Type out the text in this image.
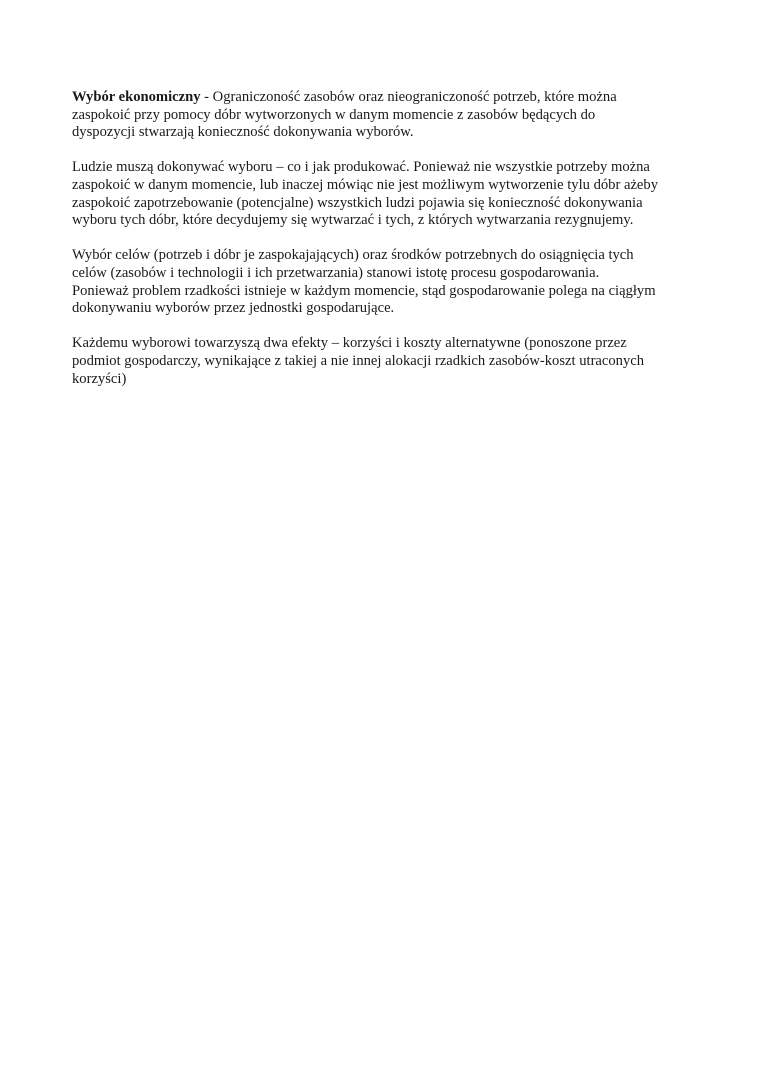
Wybór ekonomiczny - Ograniczoność zasobów oraz nieograniczoność potrzeb, które można
zaspokoić przy pomocy dóbr wytworzonych w danym momencie z zasobów będących do
dyspozycji stwarzają konieczność dokonywania wyborów.

Ludzie muszą dokonywać wyboru – co i jak produkować. Ponieważ nie wszystkie potrzeby można
zaspokoić w danym momencie, lub inaczej mówiąc nie jest możliwym wytworzenie tylu dóbr ażeby
zaspokoić zapotrzebowanie (potencjalne) wszystkich ludzi pojawia się konieczność dokonywania
wyboru tych dóbr, które decydujemy się wytwarzać i tych, z których wytwarzania rezygnujemy.

Wybór celów (potrzeb i dóbr je zaspokajających) oraz środków potrzebnych do osiągnięcia tych
celów (zasobów i technologii i ich przetwarzania) stanowi istotę procesu gospodarowania.
Ponieważ problem rzadkości istnieje w każdym momencie, stąd gospodarowanie polega na ciągłym
dokonywaniu wyborów przez jednostki gospodarujące.

Każdemu wyborowi towarzyszą dwa efekty – korzyści i koszty alternatywne (ponoszone przez
podmiot gospodarczy, wynikające z takiej a nie innej alokacji rzadkich zasobów-koszt utraconych
korzyści)
